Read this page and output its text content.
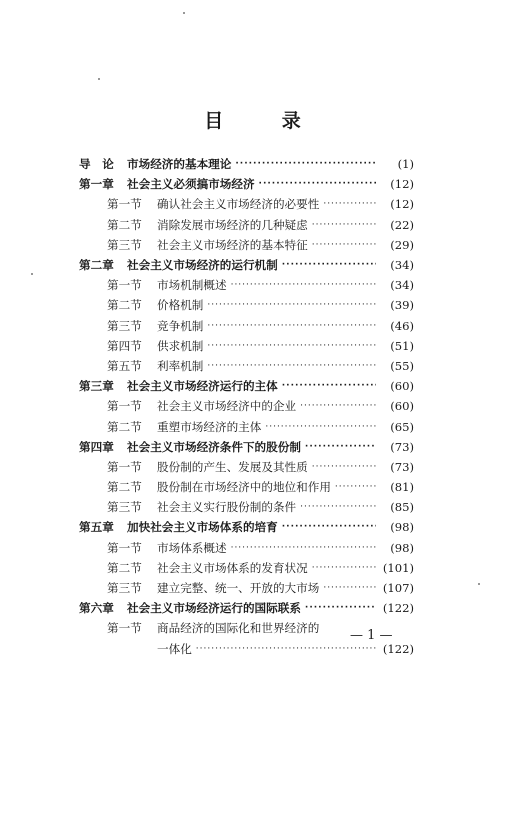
目 录
导　论	市场经济的基本理论 ·····	(1)
第一章	社会主义必须搞市场经济 ·····	(12)
第一节	确认社会主义市场经济的必要性 ·····	(12)
第二节	消除发展市场经济的几种疑虑 ·····	(22)
第三节	社会主义市场经济的基本特征 ·····	(29)
第二章	社会主义市场经济的运行机制 ·····	(34)
第一节	市场机制概述 ·····	(34)
第二节	价格机制 ·····	(39)
第三节	竞争机制 ·····	(46)
第四节	供求机制 ·····	(51)
第五节	利率机制 ·····	(55)
第三章	社会主义市场经济运行的主体 ·····	(60)
第一节	社会主义市场经济中的企业 ·····	(60)
第二节	重塑市场经济的主体 ·····	(65)
第四章	社会主义市场经济条件下的股份制 ·····	(73)
第一节	股份制的产生、发展及其性质 ·····	(73)
第二节	股份制在市场经济中的地位和作用 ·····	(81)
第三节	社会主义实行股份制的条件 ·····	(85)
第五章	加快社会主义市场体系的培育 ·····	(98)
第一节	市场体系概述 ·····	(98)
第二节	社会主义市场体系的发育状况 ·····	(101)
第三节	建立完整、统一、开放的大市场 ·····	(107)
第六章	社会主义市场经济运行的国际联系 ·····	(122)
第一节	商品经济的国际化和世界经济的
一体化 ·····	(122)
— 1 —
